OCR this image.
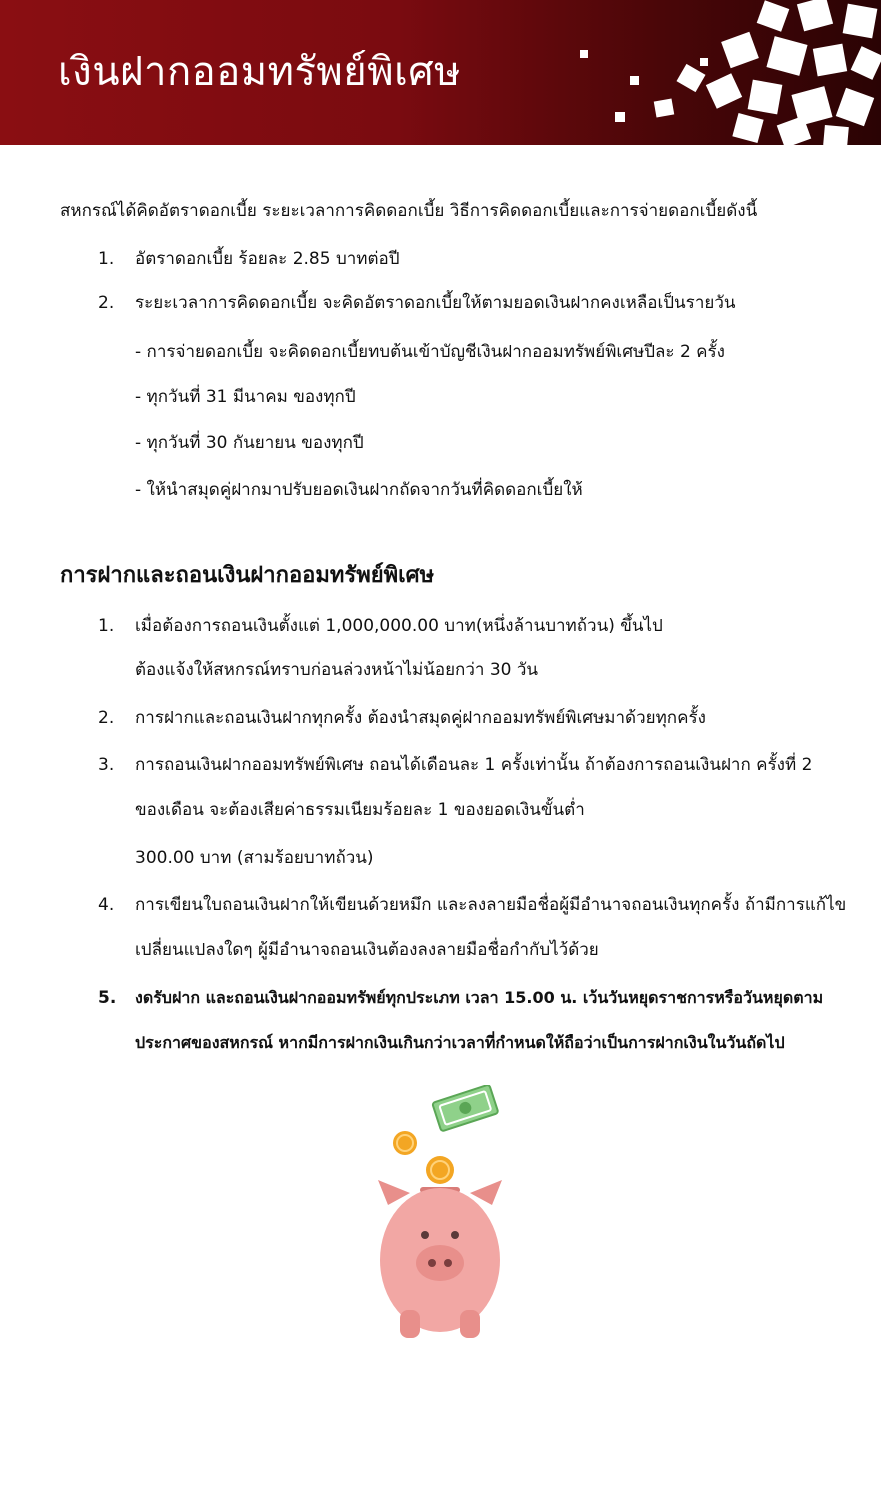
เงินฝากออมทรัพย์พิเศษ
สหกรณ์ได้คิดอัตราดอกเบี้ย ระยะเวลาการคิดดอกเบี้ย วิธีการคิดดอกเบี้ยและการจ่ายดอกเบี้ยดังนี้
1. อัตราดอกเบี้ย ร้อยละ 2.85 บาทต่อปี
2. ระยะเวลาการคิดดอกเบี้ย จะคิดอัตราดอกเบี้ยให้ตามยอดเงินฝากคงเหลือเป็นรายวัน
- การจ่ายดอกเบี้ย จะคิดดอกเบี้ยทบต้นเข้าบัญชีเงินฝากออมทรัพย์พิเศษปีละ 2 ครั้ง
- ทุกวันที่ 31 มีนาคม ของทุกปี
- ทุกวันที่ 30 กันยายน ของทุกปี
- ให้นำสมุดคู่ฝากมาปรับยอดเงินฝากถัดจากวันที่คิดดอกเบี้ยให้
การฝากและถอนเงินฝากออมทรัพย์พิเศษ
1. เมื่อต้องการถอนเงินตั้งแต่ 1,000,000.00 บาท(หนึ่งล้านบาทถ้วน) ขึ้นไป
ต้องแจ้งให้สหกรณ์ทราบก่อนล่วงหน้าไม่น้อยกว่า 30 วัน
2. การฝากและถอนเงินฝากทุกครั้ง ต้องนำสมุดคู่ฝากออมทรัพย์พิเศษมาด้วยทุกครั้ง
3. การถอนเงินฝากออมทรัพย์พิเศษ ถอนได้เดือนละ 1 ครั้งเท่านั้น ถ้าต้องการถอนเงินฝาก ครั้งที่ 2
ของเดือน จะต้องเสียค่าธรรมเนียมร้อยละ 1 ของยอดเงินขั้นต่ำ
300.00 บาท (สามร้อยบาทถ้วน)
4. การเขียนใบถอนเงินฝากให้เขียนด้วยหมึก และลงลายมือชื่อผู้มีอำนาจถอนเงินทุกครั้ง ถ้ามีการแก้ไข
เปลี่ยนแปลงใดๆ ผู้มีอำนาจถอนเงินต้องลงลายมือชื่อกำกับไว้ด้วย
5. งดรับฝาก และถอนเงินฝากออมทรัพย์ทุกประเภท เวลา 15.00 น. เว้นวันหยุดราชการหรือวันหยุดตาม
ประกาศของสหกรณ์ หากมีการฝากเงินเกินกว่าเวลาที่กำหนดให้ถือว่าเป็นการฝากเงินในวันถัดไป
